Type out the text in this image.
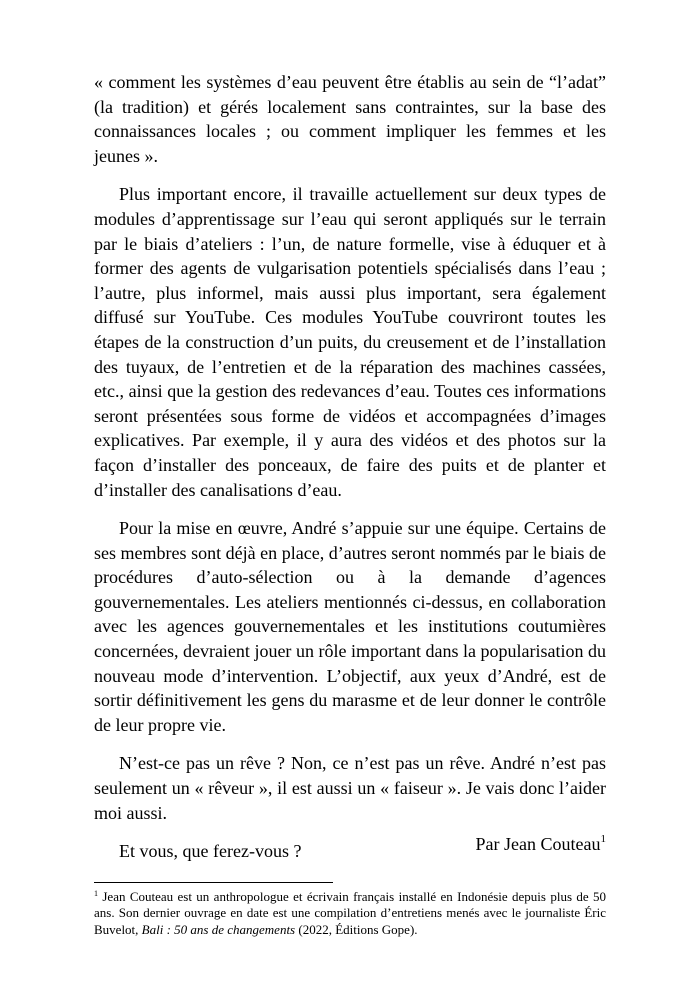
« comment les systèmes d’eau peuvent être établis au sein de “l’adat” (la tradition) et gérés localement sans contraintes, sur la base des connaissances locales ; ou comment impliquer les femmes et les jeunes ».

Plus important encore, il travaille actuellement sur deux types de modules d’apprentissage sur l’eau qui seront appliqués sur le terrain par le biais d’ateliers : l’un, de nature formelle, vise à éduquer et à former des agents de vulgarisation potentiels spécialisés dans l’eau ; l’autre, plus informel, mais aussi plus important, sera également diffusé sur YouTube. Ces modules YouTube couvriront toutes les étapes de la construction d’un puits, du creusement et de l’installation des tuyaux, de l’entretien et de la réparation des machines cassées, etc., ainsi que la gestion des redevances d’eau. Toutes ces informations seront présentées sous forme de vidéos et accompagnées d’images explicatives. Par exemple, il y aura des vidéos et des photos sur la façon d’installer des ponceaux, de faire des puits et de planter et d’installer des canalisations d’eau.

Pour la mise en œuvre, André s’appuie sur une équipe. Certains de ses membres sont déjà en place, d’autres seront nommés par le biais de procédures d’auto-sélection ou à la demande d’agences gouvernementales. Les ateliers mentionnés ci-dessus, en collaboration avec les agences gouvernementales et les institutions coutumières concernées, devraient jouer un rôle important dans la popularisation du nouveau mode d’intervention. L’objectif, aux yeux d’André, est de sortir définitivement les gens du marasme et de leur donner le contrôle de leur propre vie.

N’est-ce pas un rêve ? Non, ce n’est pas un rêve. André n’est pas seulement un « rêveur », il est aussi un « faiseur ». Je vais donc l’aider moi aussi.

Et vous, que ferez-vous ?	Par Jean Couteau$^1$

$^1$ Jean Couteau est un anthropologue et écrivain français installé en Indonésie depuis plus de 50 ans. Son dernier ouvrage en date est une compilation d’entretiens menés avec le journaliste Éric Buvelot, Bali : 50 ans de changements (2022, Éditions Gope).
